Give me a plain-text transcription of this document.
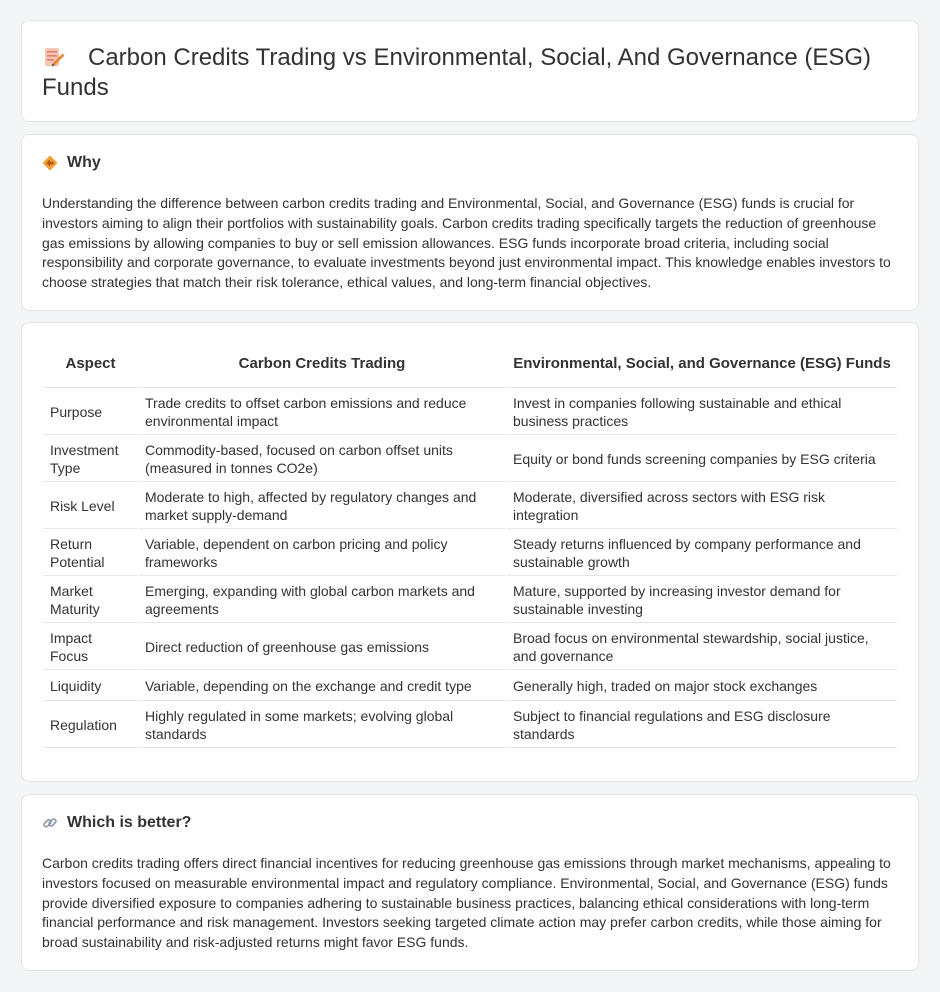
Carbon Credits Trading vs Environmental, Social, And Governance (ESG) Funds
Why

Understanding the difference between carbon credits trading and Environmental, Social, and Governance (ESG) funds is crucial for investors aiming to align their portfolios with sustainability goals. Carbon credits trading specifically targets the reduction of greenhouse gas emissions by allowing companies to buy or sell emission allowances. ESG funds incorporate broad criteria, including social responsibility and corporate governance, to evaluate investments beyond just environmental impact. This knowledge enables investors to choose strategies that match their risk tolerance, ethical values, and long-term financial objectives.

Aspect	Carbon Credits Trading	Environmental, Social, and Governance (ESG) Funds
Purpose	Trade credits to offset carbon emissions and reduce environmental impact	Invest in companies following sustainable and ethical business practices
Investment Type	Commodity-based, focused on carbon offset units (measured in tonnes CO2e)	Equity or bond funds screening companies by ESG criteria
Risk Level	Moderate to high, affected by regulatory changes and market supply-demand	Moderate, diversified across sectors with ESG risk integration
Return Potential	Variable, dependent on carbon pricing and policy frameworks	Steady returns influenced by company performance and sustainable growth
Market Maturity	Emerging, expanding with global carbon markets and agreements	Mature, supported by increasing investor demand for sustainable investing
Impact Focus	Direct reduction of greenhouse gas emissions	Broad focus on environmental stewardship, social justice, and governance
Liquidity	Variable, depending on the exchange and credit type	Generally high, traded on major stock exchanges
Regulation	Highly regulated in some markets; evolving global standards	Subject to financial regulations and ESG disclosure standards
Which is better?

Carbon credits trading offers direct financial incentives for reducing greenhouse gas emissions through market mechanisms, appealing to investors focused on measurable environmental impact and regulatory compliance. Environmental, Social, and Governance (ESG) funds provide diversified exposure to companies adhering to sustainable business practices, balancing ethical considerations with long-term financial performance and risk management. Investors seeking targeted climate action may prefer carbon credits, while those aiming for broad sustainability and risk-adjusted returns might favor ESG funds.
